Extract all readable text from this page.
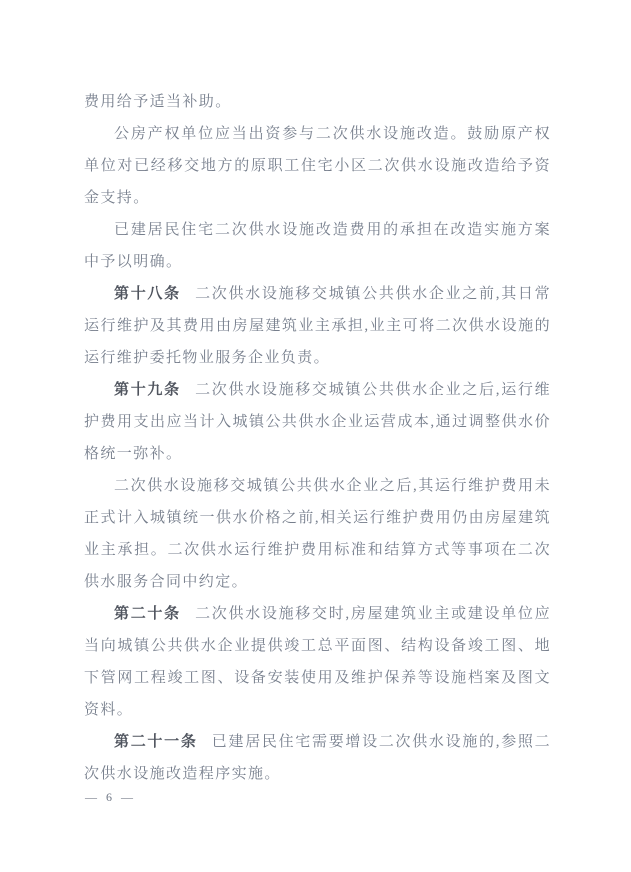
费用给予适当补助。

公房产权单位应当出资参与二次供水设施改造。鼓励原产权单位对已经移交地方的原职工住宅小区二次供水设施改造给予资金支持。

已建居民住宅二次供水设施改造费用的承担在改造实施方案中予以明确。

第十八条 二次供水设施移交城镇公共供水企业之前,其日常运行维护及其费用由房屋建筑业主承担,业主可将二次供水设施的运行维护委托物业服务企业负责。

第十九条 二次供水设施移交城镇公共供水企业之后,运行维护费用支出应当计入城镇公共供水企业运营成本,通过调整供水价格统一弥补。

二次供水设施移交城镇公共供水企业之后,其运行维护费用未正式计入城镇统一供水价格之前,相关运行维护费用仍由房屋建筑业主承担。二次供水运行维护费用标准和结算方式等事项在二次供水服务合同中约定。

第二十条 二次供水设施移交时,房屋建筑业主或建设单位应当向城镇公共供水企业提供竣工总平面图、结构设备竣工图、地下管网工程竣工图、设备安装使用及维护保养等设施档案及图文资料。

第二十一条 已建居民住宅需要增设二次供水设施的,参照二次供水设施改造程序实施。

— 6 —
